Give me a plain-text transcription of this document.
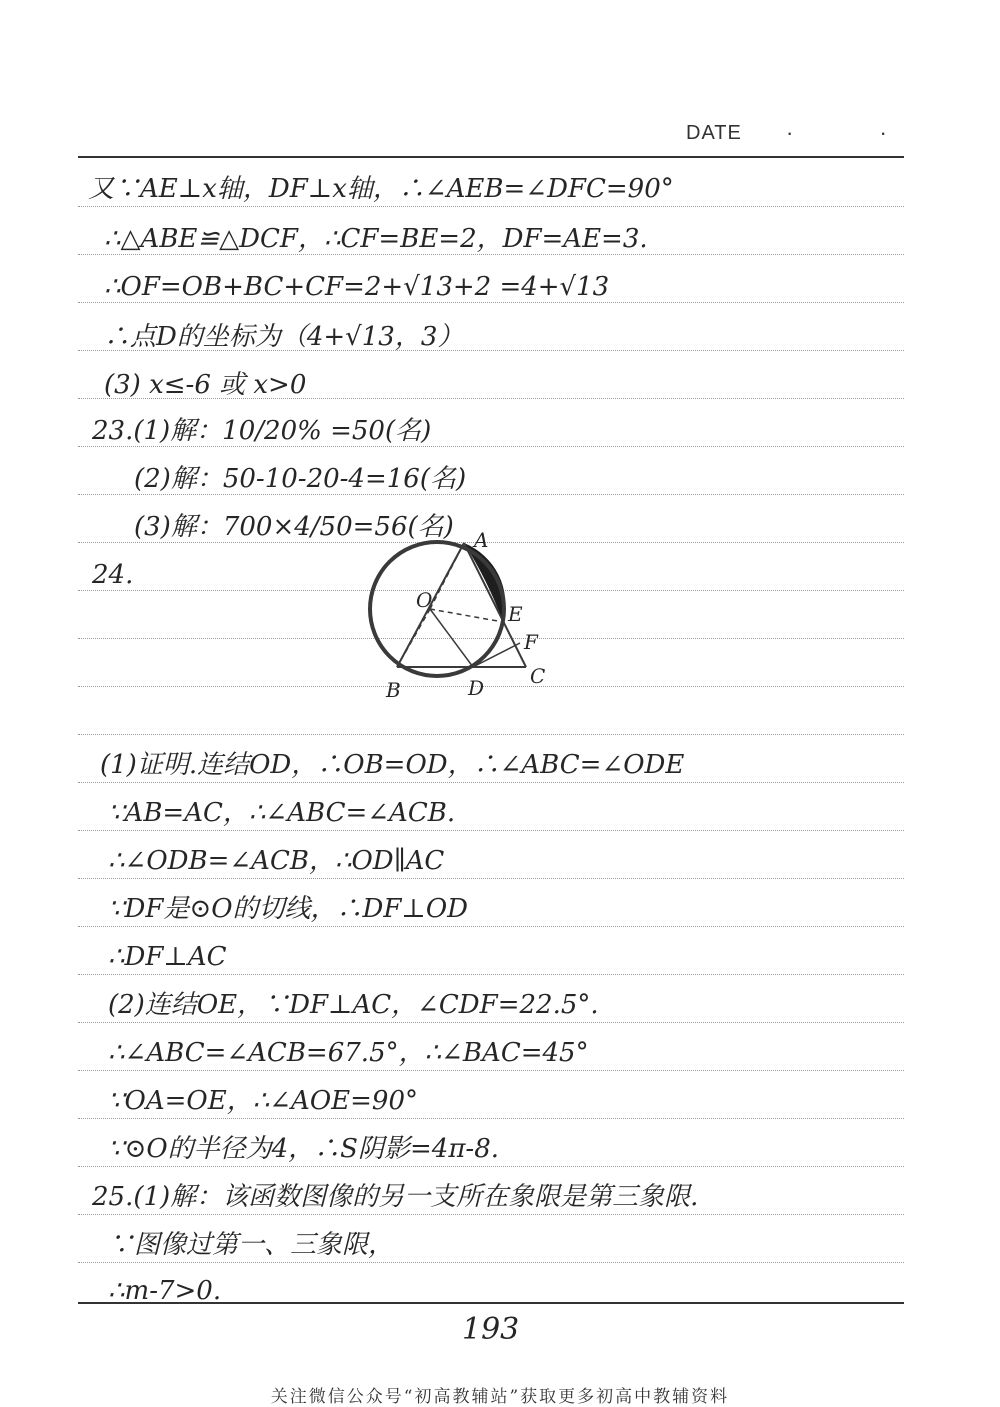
DATE · ·
又∵AE⊥x轴，DF⊥x轴，∴∠AEB=∠DFC=90°
∴△ABE≌△DCF，∴CF=BE=2，DF=AE=3.
∴OF=OB+BC+CF=2+√13+2 =4+√13
∴点D的坐标为（4+√13，3）
(3) x≤-6 或 x>0
23.(1)解：10/20% =50(名)
(2)解：50-10-20-4=16(名)
(3)解：700×4/50=56(名)
24.
(1)证明.连结OD，∴OB=OD，∴∠ABC=∠ODE
∵AB=AC，∴∠ABC=∠ACB.
∴∠ODB=∠ACB，∴OD∥AC
∵DF是⊙O的切线，∴DF⊥OD
∴DF⊥AC
(2)连结OE，∵DF⊥AC，∠CDF=22.5°.
∴∠ABC=∠ACB=67.5°，∴∠BAC=45°
∵OA=OE，∴∠AOE=90°
∵⊙O的半径为4，∴S阴影=4π-8.
25.(1)解：该函数图像的另一支所在象限是第三象限.
∵图像过第一、三象限，
∴m-7>0.
A
O
E
F
B	D C
193
关注微信公众号“初高教辅站”获取更多初高中教辅资料
